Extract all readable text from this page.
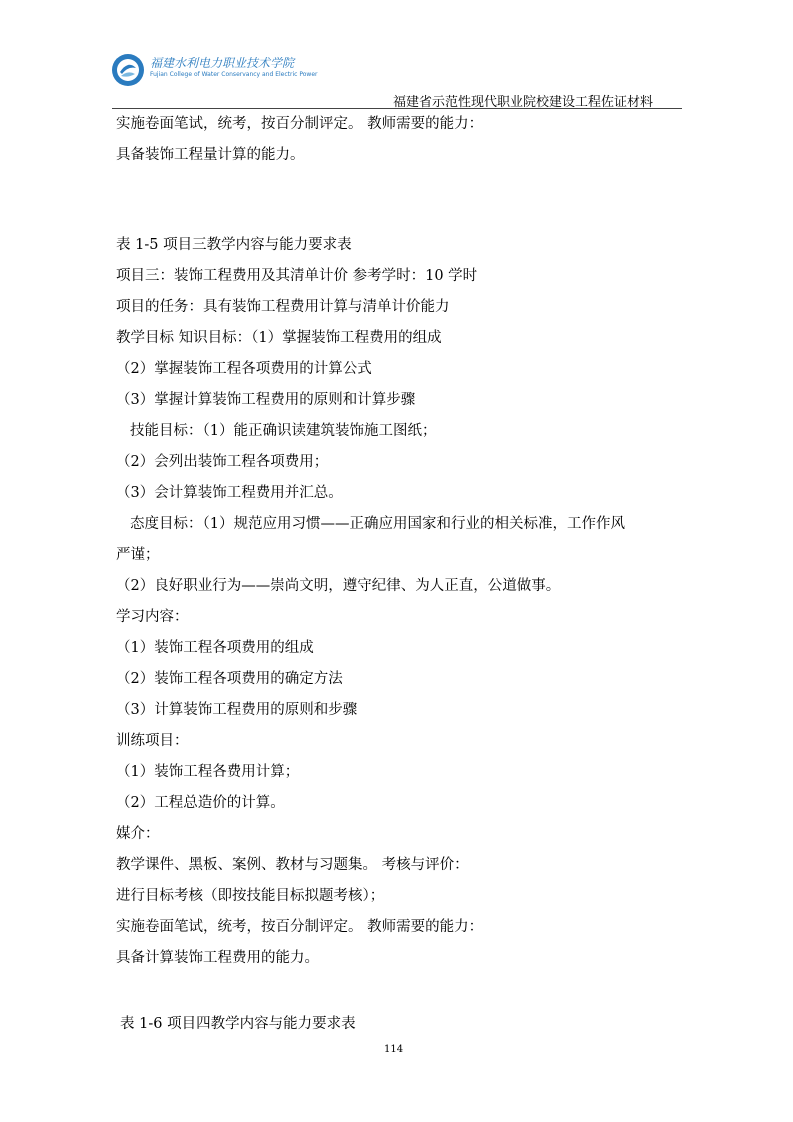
福建水利电力职业技术学院
Fujian College of Water Conservancy and Electric Power
福建省示范性现代职业院校建设工程佐证材料
实施卷面笔试，统考，按百分制评定。 教师需要的能力：
具备装饰工程量计算的能力。
表 1-5 项目三教学内容与能力要求表
项目三：装饰工程费用及其清单计价 参考学时：10 学时
项目的任务：具有装饰工程费用计算与清单计价能力
教学目标 知识目标：（1）掌握装饰工程费用的组成
（2）掌握装饰工程各项费用的计算公式
（3）掌握计算装饰工程费用的原则和计算步骤
技能目标：（1）能正确识读建筑装饰施工图纸；
（2）会列出装饰工程各项费用；
（3）会计算装饰工程费用并汇总。
态度目标：（1）规范应用习惯——正确应用国家和行业的相关标准，工作作风
严谨；
（2）良好职业行为——崇尚文明，遵守纪律、为人正直，公道做事。
学习内容：
（1）装饰工程各项费用的组成
（2）装饰工程各项费用的确定方法
（3）计算装饰工程费用的原则和步骤
训练项目：
（1）装饰工程各费用计算；
（2）工程总造价的计算。
媒介：
教学课件、黑板、案例、教材与习题集。 考核与评价：
进行目标考核（即按技能目标拟题考核）；
实施卷面笔试，统考，按百分制评定。 教师需要的能力：
具备计算装饰工程费用的能力。
表 1-6 项目四教学内容与能力要求表
114
